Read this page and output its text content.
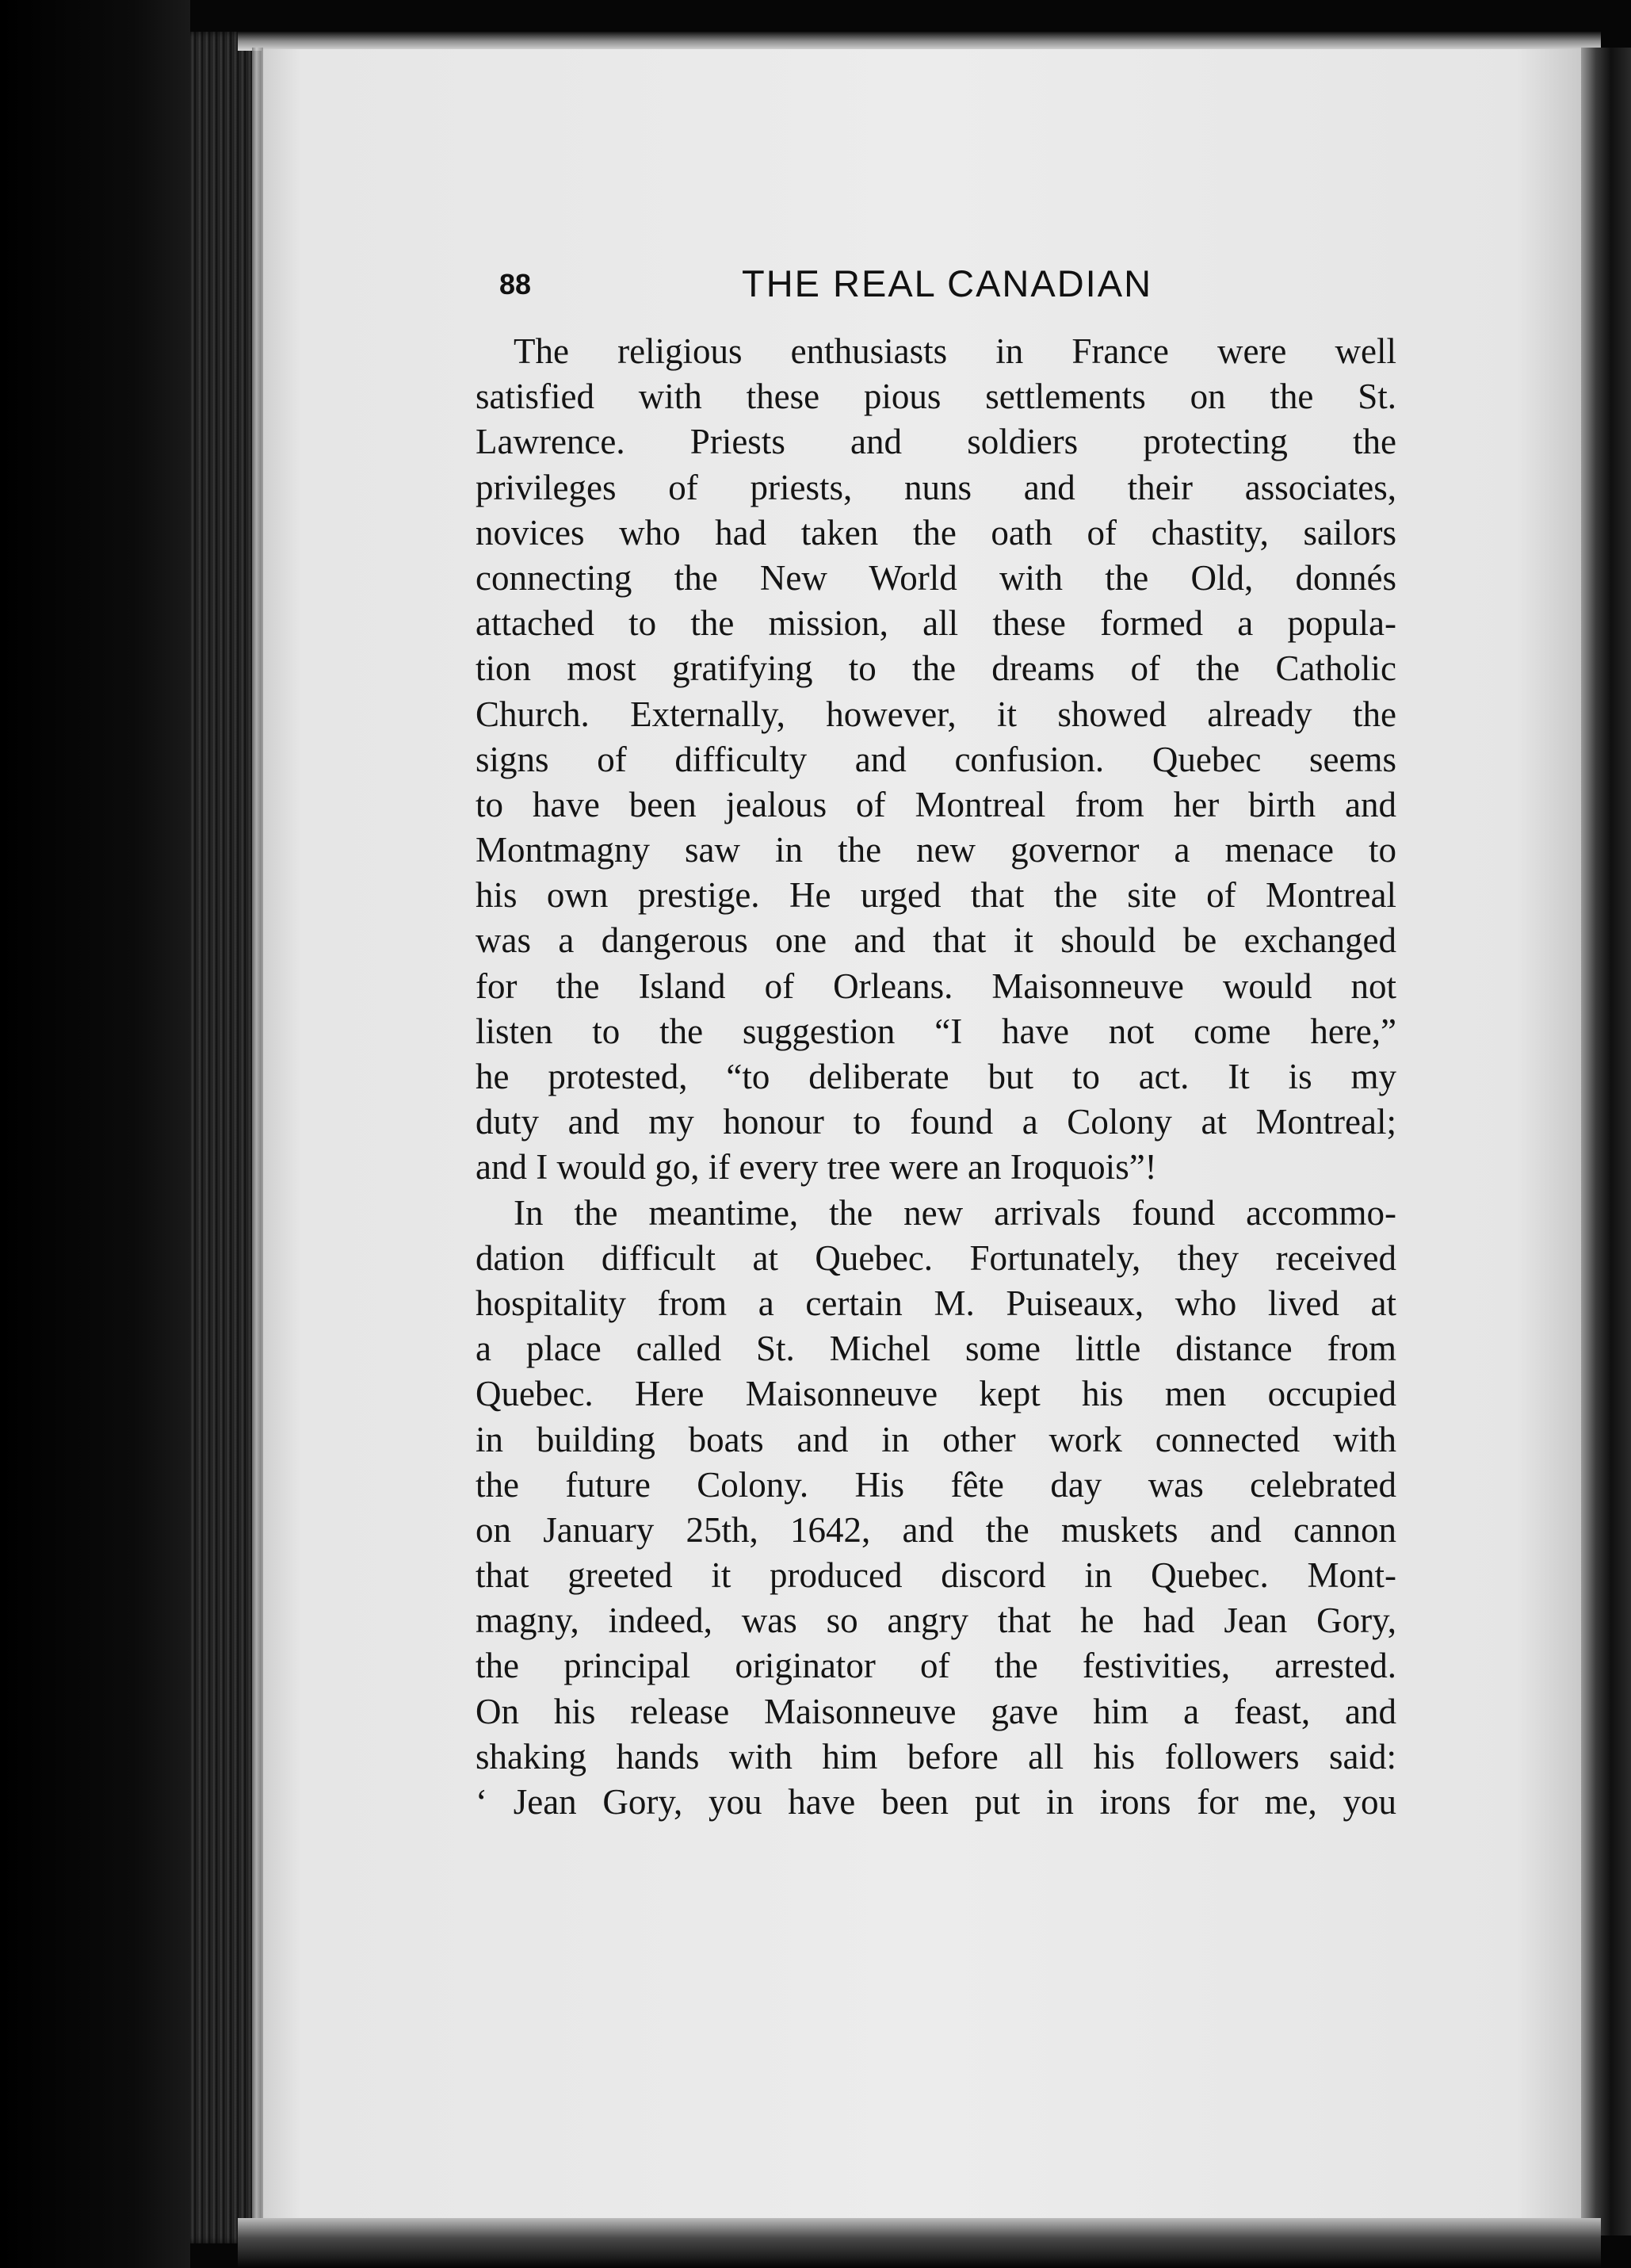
88	THE REAL CANADIAN
The religious enthusiasts in France were well
satisfied with these pious settlements on the St.
Lawrence. Priests and soldiers protecting the
privileges of priests, nuns and their associates,
novices who had taken the oath of chastity, sailors
connecting the New World with the Old, donnés
attached to the mission, all these formed a popula-
tion most gratifying to the dreams of the Catholic
Church. Externally, however, it showed already the
signs of difficulty and confusion. Quebec seems
to have been jealous of Montreal from her birth and
Montmagny saw in the new governor a menace to
his own prestige. He urged that the site of Montreal
was a dangerous one and that it should be exchanged
for the Island of Orleans. Maisonneuve would not
listen to the suggestion “I have not come here,”
he protested, “to deliberate but to act. It is my
duty and my honour to found a Colony at Montreal;
and I would go, if every tree were an Iroquois”!
In the meantime, the new arrivals found accommo-
dation difficult at Quebec. Fortunately, they received
hospitality from a certain M. Puiseaux, who lived at
a place called St. Michel some little distance from
Quebec. Here Maisonneuve kept his men occupied
in building boats and in other work connected with
the future Colony. His fête day was celebrated
on January 25th, 1642, and the muskets and cannon
that greeted it produced discord in Quebec. Mont-
magny, indeed, was so angry that he had Jean Gory,
the principal originator of the festivities, arrested.
On his release Maisonneuve gave him a feast, and
shaking hands with him before all his followers said:
‘ Jean Gory, you have been put in irons for me, you
